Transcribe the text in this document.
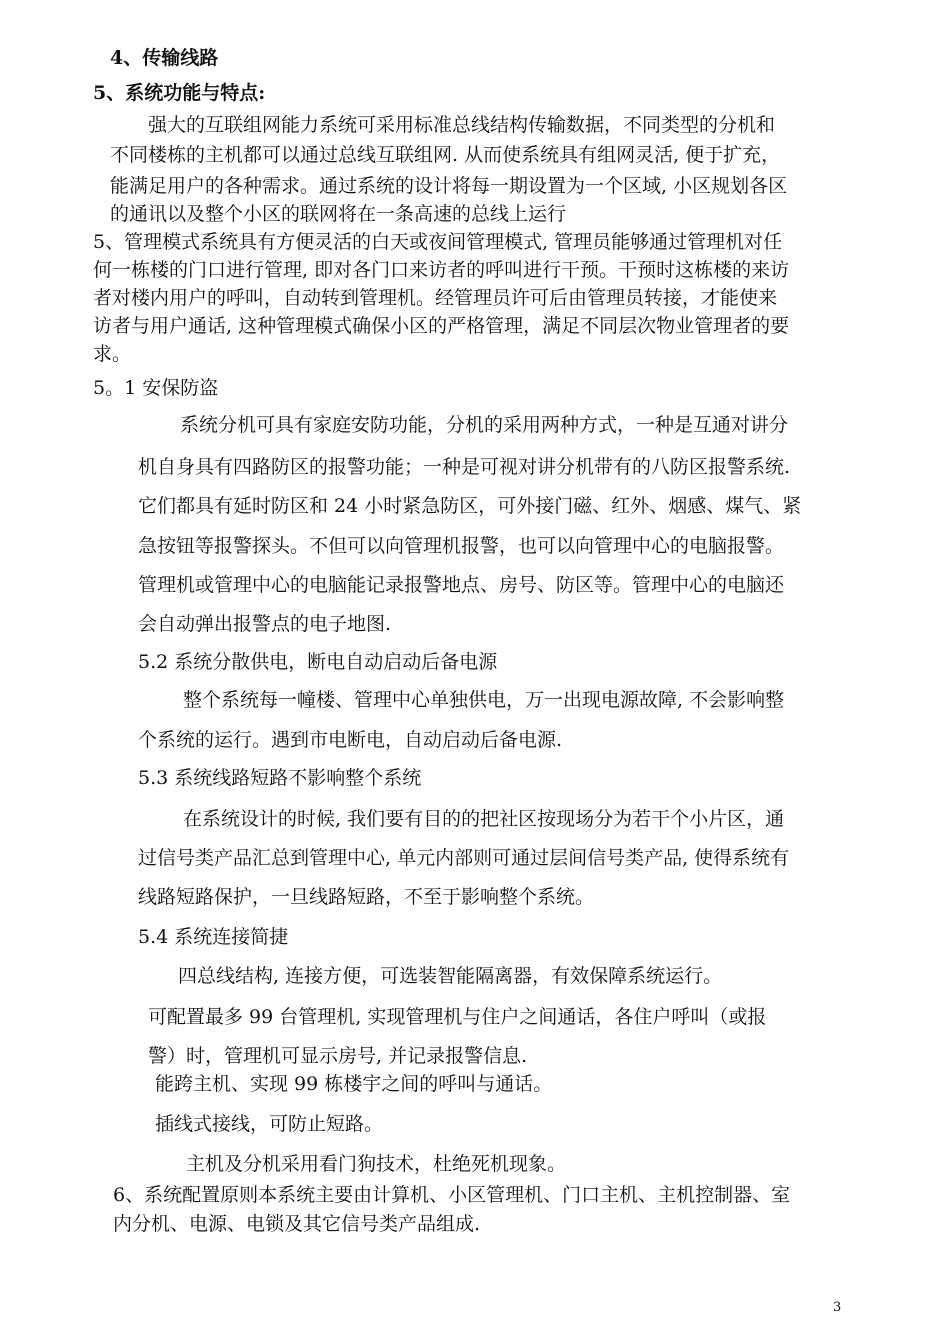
4、传输线路
5、系统功能与特点:
强大的互联组网能力系统可采用标准总线结构传输数据，不同类型的分机和
不同楼栋的主机都可以通过总线互联组网. 从而使系统具有组网灵活, 便于扩充，
能满足用户的各种需求。通过系统的设计将每一期设置为一个区域, 小区规划各区
的通讯以及整个小区的联网将在一条高速的总线上运行
5、管理模式系统具有方便灵活的白天或夜间管理模式, 管理员能够通过管理机对任
何一栋楼的门口进行管理, 即对各门口来访者的呼叫进行干预。干预时这栋楼的来访
者对楼内用户的呼叫，自动转到管理机。经管理员许可后由管理员转接，才能使来
访者与用户通话, 这种管理模式确保小区的严格管理，满足不同层次物业管理者的要
求。
5。1 安保防盗
系统分机可具有家庭安防功能，分机的采用两种方式，一种是互通对讲分
机自身具有四路防区的报警功能；一种是可视对讲分机带有的八防区报警系统.
它们都具有延时防区和 24 小时紧急防区，可外接门磁、红外、烟感、煤气、紧
急按钮等报警探头。不但可以向管理机报警，也可以向管理中心的电脑报警。
管理机或管理中心的电脑能记录报警地点、房号、防区等。管理中心的电脑还
会自动弹出报警点的电子地图.
5.2 系统分散供电，断电自动启动后备电源
整个系统每一幢楼、管理中心单独供电，万一出现电源故障, 不会影响整
个系统的运行。遇到市电断电，自动启动后备电源.
5.3 系统线路短路不影响整个系统
在系统设计的时候, 我们要有目的的把社区按现场分为若干个小片区，通
过信号类产品汇总到管理中心, 单元内部则可通过层间信号类产品, 使得系统有
线路短路保护，一旦线路短路，不至于影响整个系统。
5.4 系统连接简捷
四总线结构, 连接方便，可选装智能隔离器，有效保障系统运行。
可配置最多 99 台管理机, 实现管理机与住户之间通话，各住户呼叫（或报
警）时，管理机可显示房号, 并记录报警信息.
能跨主机、实现 99 栋楼宇之间的呼叫与通话。
插线式接线，可防止短路。
主机及分机采用看门狗技术，杜绝死机现象。
6、系统配置原则本系统主要由计算机、小区管理机、门口主机、主机控制器、室
内分机、电源、电锁及其它信号类产品组成.
3
